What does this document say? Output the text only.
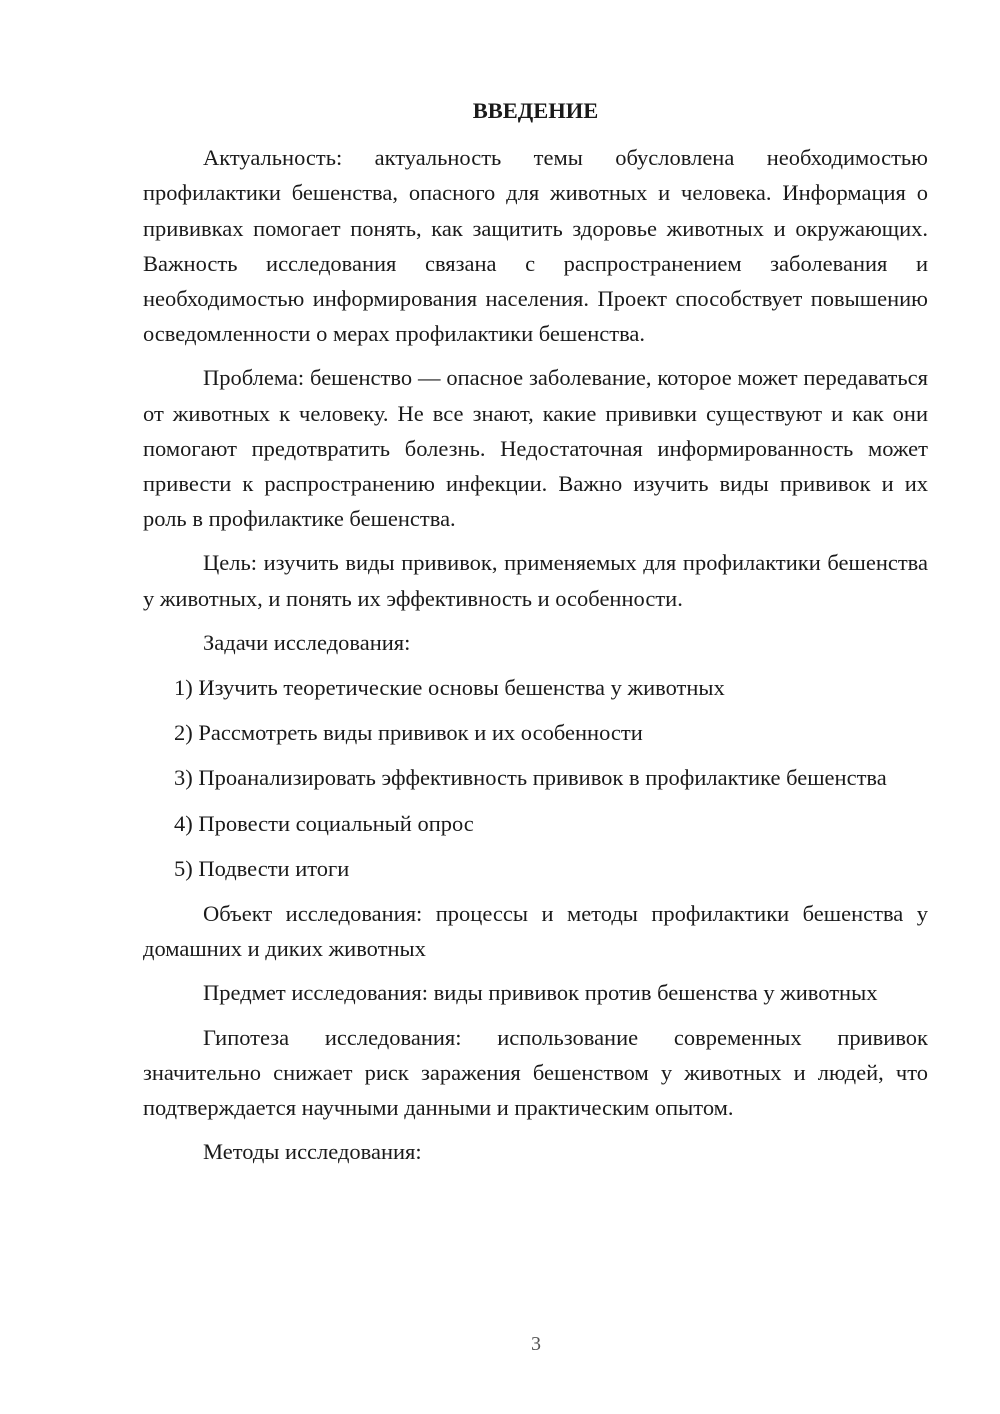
ВВЕДЕНИЕ

Актуальность: актуальность темы обусловлена необходимостью профилактики бешенства, опасного для животных и человека. Информация о прививках помогает понять, как защитить здоровье животных и окружающих. Важность исследования связана с распространением заболевания и необходимостью информирования населения. Проект способствует повышению осведомленности о мерах профилактики бешенства.

Проблема: бешенство — опасное заболевание, которое может передаваться от животных к человеку. Не все знают, какие прививки существуют и как они помогают предотвратить болезнь. Недостаточная информированность может привести к распространению инфекции. Важно изучить виды прививок и их роль в профилактике бешенства.

Цель: изучить виды прививок, применяемых для профилактики бешенства у животных, и понять их эффективность и особенности.

Задачи исследования:

1) Изучить теоретические основы бешенства у животных

2) Рассмотреть виды прививок и их особенности

3) Проанализировать эффективность прививок в профилактике бешенства

4) Провести социальный опрос

5) Подвести итоги

Объект исследования: процессы и методы профилактики бешенства у домашних и диких животных

Предмет исследования: виды прививок против бешенства у животных

Гипотеза исследования: использование современных прививок значительно снижает риск заражения бешенством у животных и людей, что подтверждается научными данными и практическим опытом.

Методы исследования:

3
